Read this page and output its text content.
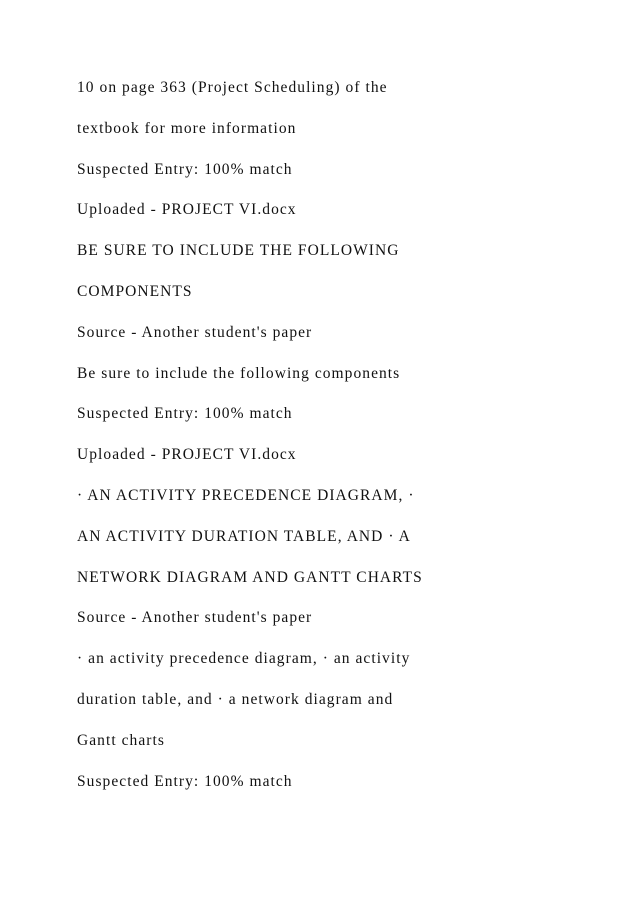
10 on page 363 (Project Scheduling) of the
textbook for more information
Suspected Entry: 100% match
Uploaded - PROJECT VI.docx
BE SURE TO INCLUDE THE FOLLOWING
COMPONENTS
Source - Another student's paper
Be sure to include the following components
Suspected Entry: 100% match
Uploaded - PROJECT VI.docx
· AN ACTIVITY PRECEDENCE DIAGRAM, ·
AN ACTIVITY DURATION TABLE, AND · A
NETWORK DIAGRAM AND GANTT CHARTS
Source - Another student's paper
· an activity precedence diagram, · an activity
duration table, and · a network diagram and
Gantt charts
Suspected Entry: 100% match
